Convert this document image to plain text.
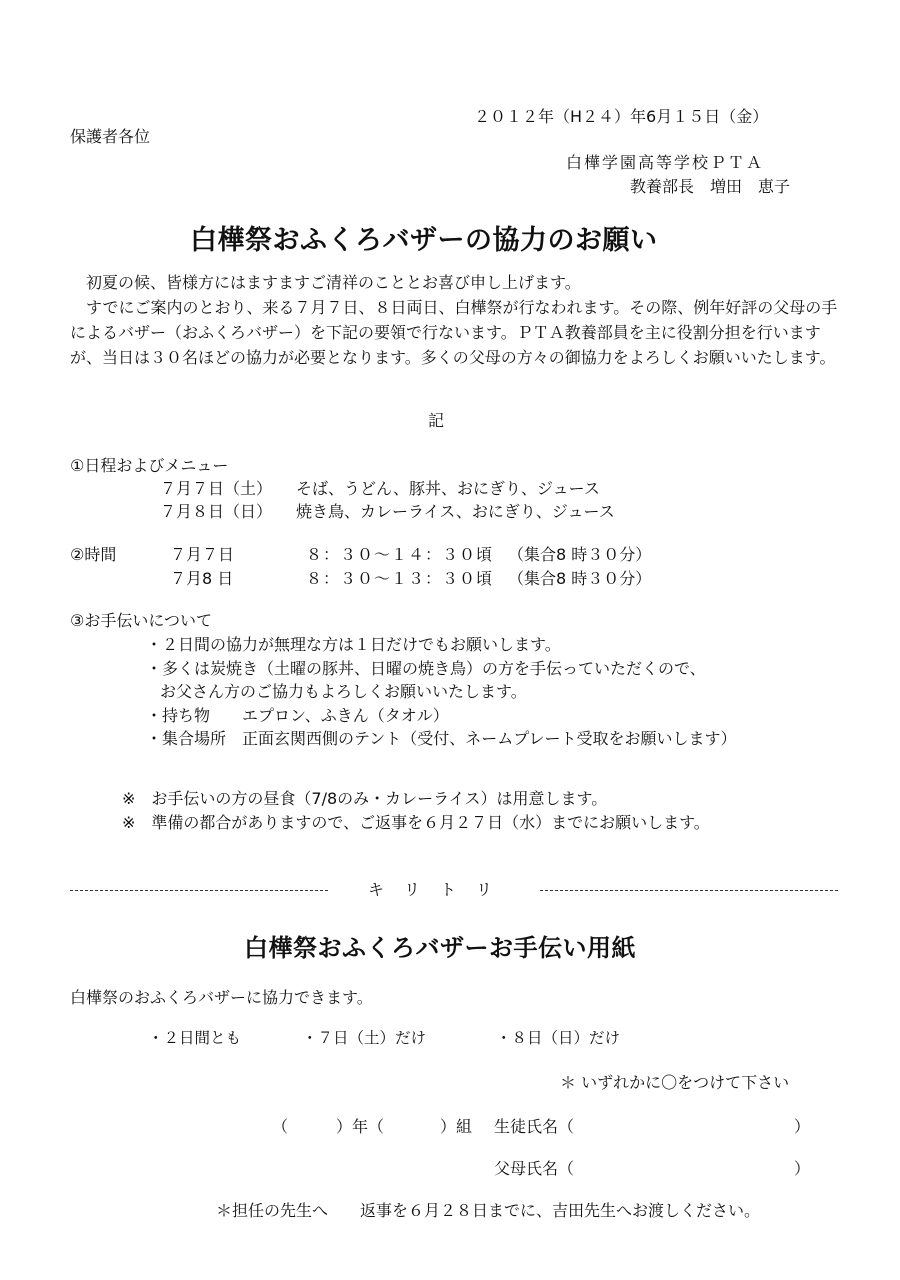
２０１２年（H２４）年6月１５日（金）
保護者各位
白樺学園高等学校ＰＴＡ
教養部長　増田　恵子
白樺祭おふくろバザーの協力のお願い

初夏の候、皆様方にはますますご清祥のこととお喜び申し上げます。

すでにご案内のとおり、来る７月７日、８日両日、白樺祭が行なわれます。その際、例年好評の父母の手によるバザー（おふくろバザー）を下記の要領で行ないます。ＰＴＡ教養部員を主に役割分担を行いますが、当日は３０名ほどの協力が必要となります。多くの父母の方々の御協力をよろしくお願いいたします。

記
①日程およびメニュー
７月７日（土） そば、うどん、豚丼、おにぎり、ジュース
７月８日（日） 焼き鳥、カレーライス、おにぎり、ジュース
②時間	７月７日	８：３０〜１４：３０頃 （集合8 時３０分）
７月8 日	８：３０〜１３：３０頃 （集合8 時３０分）
③お手伝いについて
・２日間の協力が無理な方は１日だけでもお願いします。
・多くは炭焼き（土曜の豚丼、日曜の焼き鳥）の方を手伝っていただくので、
お父さん方のご協力もよろしくお願いいたします。
・持ち物　　エプロン、ふきん（タオル）
・集合場所　正面玄関西側のテント（受付、ネームプレート受取をお願いします）
※　お手伝いの方の昼食（7/8のみ・カレーライス）は用意します。
※　準備の都合がありますので、ご返事を６月２７日（水）までにお願いします。
キ　リ　ト　リ
白樺祭おふくろバザーお手伝い用紙
白樺祭のおふくろバザーに協力できます。
・２日間とも	・７日（土）だけ	・８日（日）だけ
＊ いずれかに〇をつけて下さい
（	）年（	）組 生徒氏名（	）
父母氏名（	）
＊担任の先生へ　　返事を６月２８日までに、吉田先生へお渡しください。
